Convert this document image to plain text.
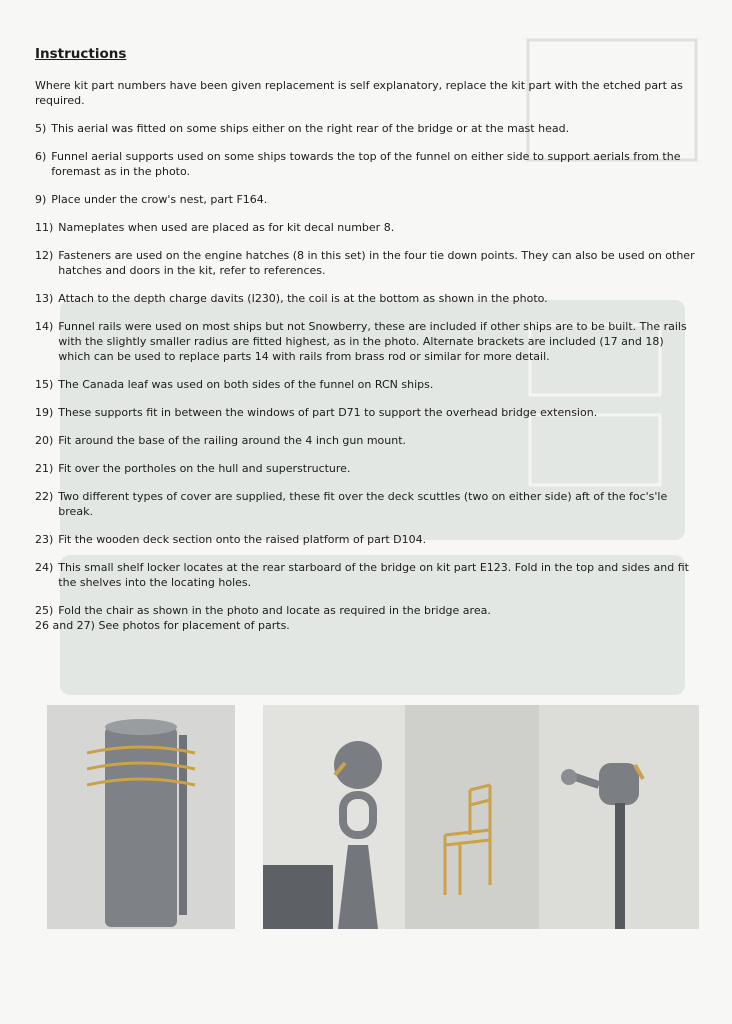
Instructions
Where kit part numbers have been given replacement is self explanatory, replace the kit part with the etched part as required.
5) This aerial was fitted on some ships either on the right rear of the bridge or at the mast head.
6) Funnel aerial supports used on some ships towards the top of the funnel on either side to support aerials from the foremast as in the photo.
9) Place under the crow's nest, part F164.
11) Nameplates when used are placed as for kit decal number 8.
12) Fasteners are used on the engine hatches (8 in this set) in the four tie down points. They can also be used on other hatches and doors in the kit, refer to references.
13) Attach to the depth charge davits (I230), the coil is at the bottom as shown in the photo.
14) Funnel rails were used on most ships but not Snowberry, these are included if other ships are to be built. The rails with the slightly smaller radius are fitted highest, as in the photo. Alternate brackets are included (17 and 18) which can be used to replace parts 14 with rails from brass rod or similar for more detail.
15) The Canada leaf was used on both sides of the funnel on RCN ships.
19) These supports fit in between the windows of part D71 to support the overhead bridge extension.
20) Fit around the base of the railing around the 4 inch gun mount.
21) Fit over the portholes on the hull and superstructure.
22) Two different types of cover are supplied, these fit over the deck scuttles (two on either side) aft of the foc's'le break.
23) Fit the wooden deck section onto the raised platform of part D104.
24) This small shelf locker locates at the rear starboard of the bridge on kit part E123. Fold in the top and sides and fit the shelves into the locating holes.
25) Fold the chair as shown in the photo and locate as required in the bridge area.
26 and 27) See photos for placement of parts.
